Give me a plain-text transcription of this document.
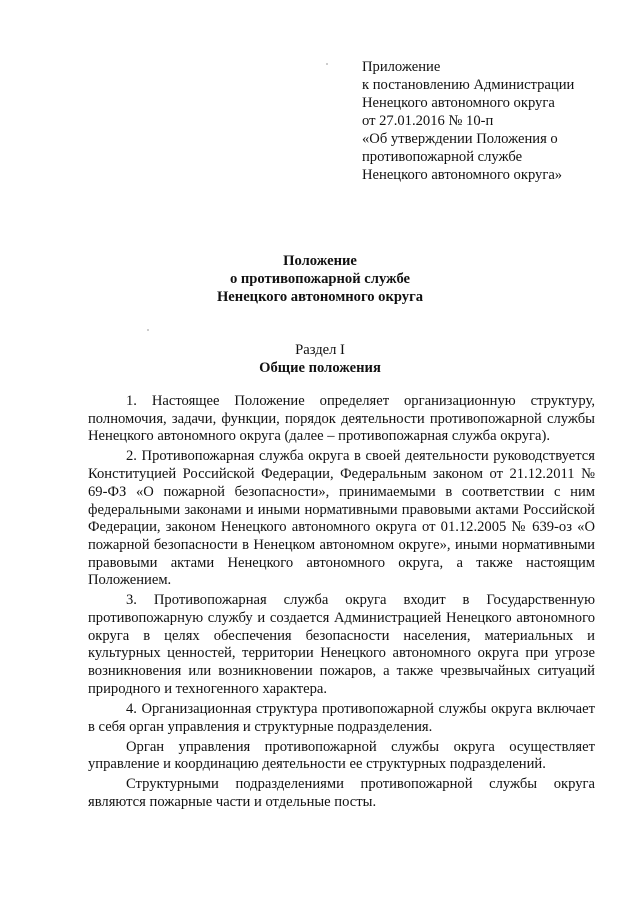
Приложение
к постановлению Администрации
Ненецкого автономного округа
от 27.01.2016 № 10-п
«Об утверждении Положения о
противопожарной службе
Ненецкого автономного округа»
Положение
о противопожарной службе
Ненецкого автономного округа
Раздел I
Общие положения

1. Настоящее Положение определяет организационную структуру, полномочия, задачи, функции, порядок деятельности противопожарной службы Ненецкого автономного округа (далее – противопожарная служба округа).

2. Противопожарная служба округа в своей деятельности руководствуется Конституцией Российской Федерации, Федеральным законом от 21.12.2011 № 69-ФЗ «О пожарной безопасности», принимаемыми в соответствии с ним федеральными законами и иными нормативными правовыми актами Российской Федерации, законом Ненецкого автономного округа от 01.12.2005 № 639-оз «О пожарной безопасности в Ненецком автономном округе», иными нормативными правовыми актами Ненецкого автономного округа, а также настоящим Положением.

3. Противопожарная служба округа входит в Государственную противопожарную службу и создается Администрацией Ненецкого автономного округа в целях обеспечения безопасности населения, материальных и культурных ценностей, территории Ненецкого автономного округа при угрозе возникновения или возникновении пожаров, а также чрезвычайных ситуаций природного и техногенного характера.

4. Организационная структура противопожарной службы округа включает в себя орган управления и структурные подразделения.

Орган управления противопожарной службы округа осуществляет управление и координацию деятельности ее структурных подразделений.

Структурными подразделениями противопожарной службы округа являются пожарные части и отдельные посты.
